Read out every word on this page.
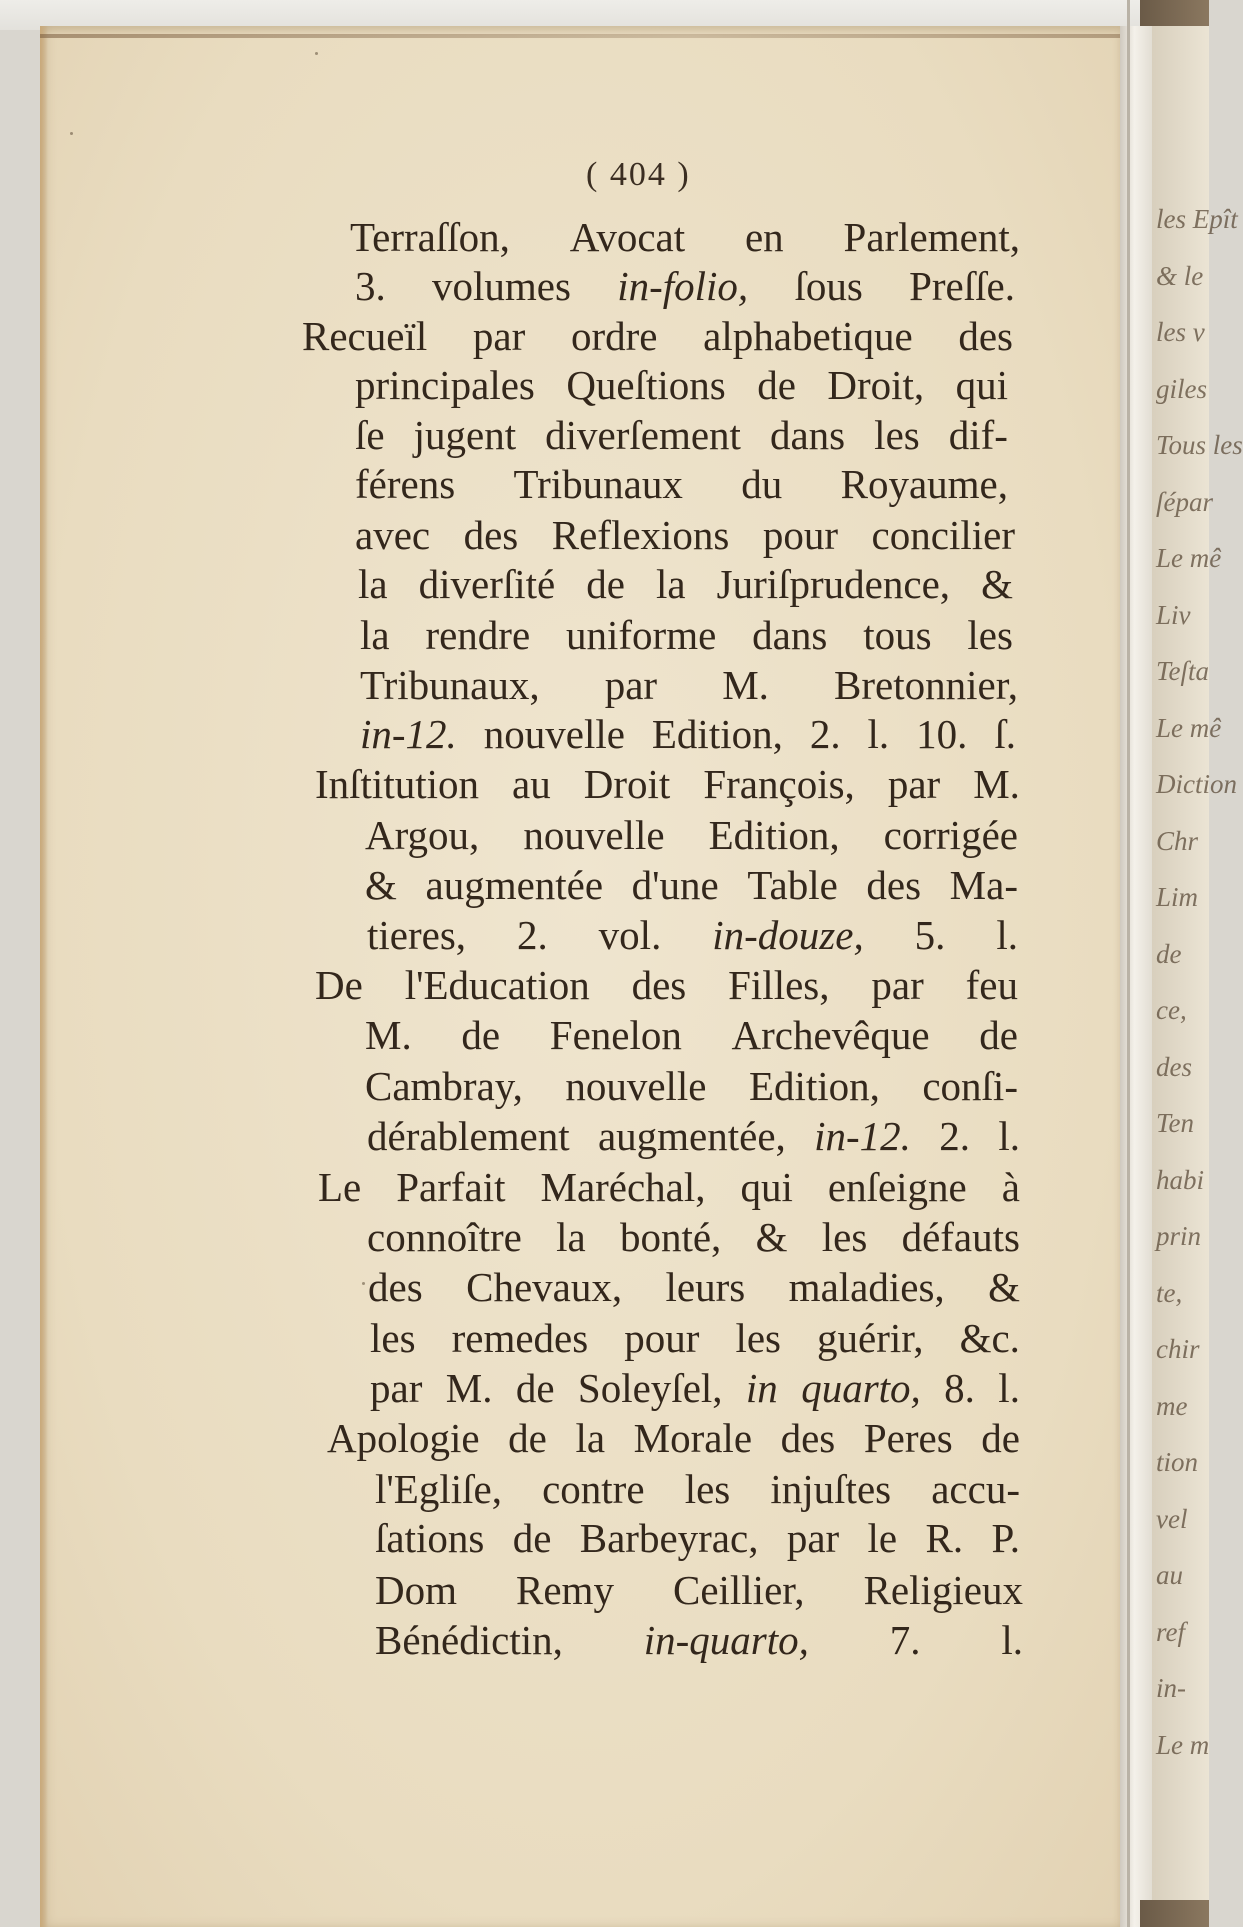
les Epît
& le
les v
giles
Tous les
ſépar
Le mê
Liv
Teſta
Le mê
Diction
Chr
Lim
de
ce,
des
Ten
habi
prin
te,
chir
me
tion
vel
au
ref
in-
Le m
( 404 )
Terraſſon, Avocat en Parlement,
3. volumes in-folio, ſous Preſſe.
Recueïl par ordre alphabetique des
principales Queſtions de Droit, qui
ſe jugent diverſement dans les dif-
férens Tribunaux du Royaume,
avec des Reflexions pour concilier
la diverſité de la Juriſprudence, &
la rendre uniforme dans tous les
Tribunaux, par M. Bretonnier,
in-12. nouvelle Edition, 2. l. 10. ſ.
Inſtitution au Droit François, par M.
Argou, nouvelle Edition, corrigée
& augmentée d'une Table des Ma-
tieres, 2. vol. in-douze, 5. l.
De l'Education des Filles, par feu
M. de Fenelon Archevêque de
Cambray, nouvelle Edition, conſi-
dérablement augmentée, in-12. 2. l.
Le Parfait Maréchal, qui enſeigne à
connoître la bonté, & les défauts
des Chevaux, leurs maladies, &
les remedes pour les guérir, &c.
par M. de Soleyſel, in quarto, 8. l.
Apologie de la Morale des Peres de
l'Egliſe, contre les injuſtes accu-
ſations de Barbeyrac, par le R. P.
Dom Remy Ceillier, Religieux
Bénédictin, in-quarto, 7. l.
